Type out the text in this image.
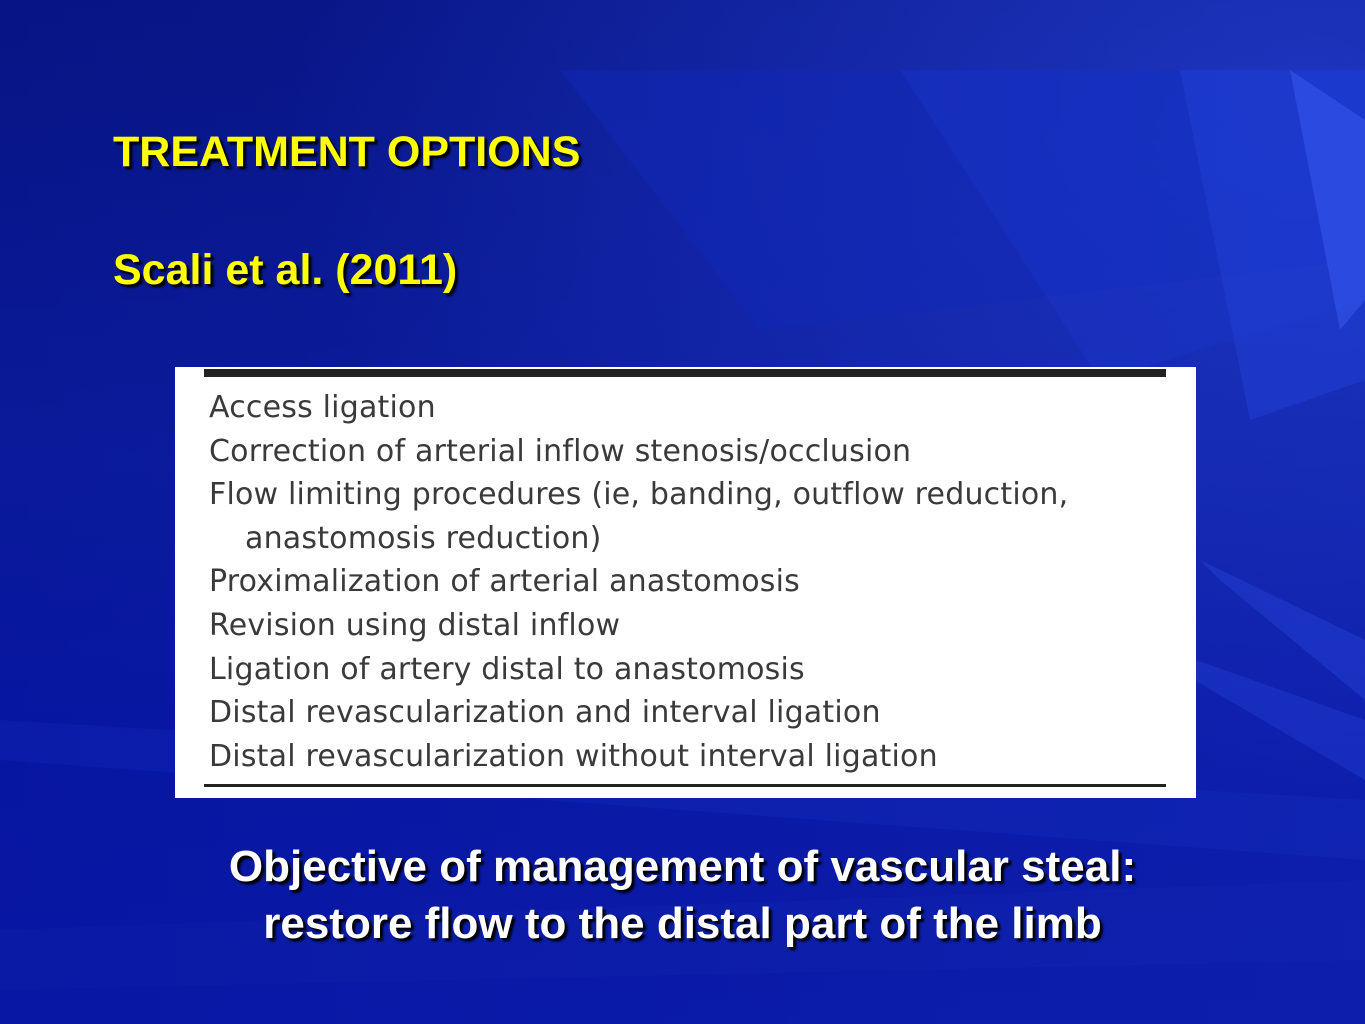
TREATMENT OPTIONS
Scali et al. (2011)
Access ligation
Correction of arterial inflow stenosis/occlusion
Flow limiting procedures (ie, banding, outflow reduction,
anastomosis reduction)
Proximalization of arterial anastomosis
Revision using distal inflow
Ligation of artery distal to anastomosis
Distal revascularization and interval ligation
Distal revascularization without interval ligation
Objective of management of vascular steal:
restore flow to the distal part of the limb
